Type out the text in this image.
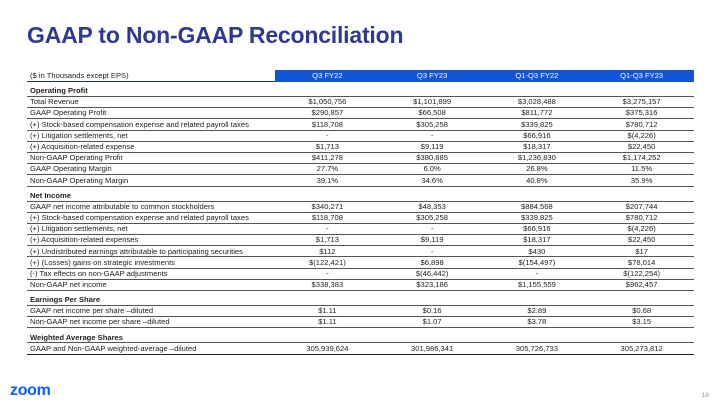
GAAP to Non-GAAP Reconciliation
($ in Thousands except EPS)	Q3 FY22	Q3 FY23	Q1-Q3 FY22	Q1-Q3 FY23
Operating Profit				
Total Revenue	$1,050,756	$1,101,899	$3,028,488	$3,275,157
GAAP Operating Profit	$290,857	$66,508	$811,772	$375,316
(+) Stock-based compensation expense and related payroll taxes	$118,708	$305,258	$339,825	$780,712
(+) Litigation settlements, net	-	-	$66,916	$(4,226)
(+) Acquisition-related expense	$1,713	$9,119	$18,317	$22,450
Non-GAAP Operating Profit	$411,278	$380,885	$1,236,830	$1,174,252
GAAP Operating Margin	27.7%	6.0%	26.8%	11.5%
Non-GAAP Operating Margin	39.1%	34.6%	40.8%	35.9%
Net Income				
GAAP net income attributable to common stockholders	$340,271	$48,353	$884,568	$207,744
(+) Stock-based compensation expense and related payroll taxes	$118,708	$305,258	$339,825	$780,712
(+) Litigation settlements, net	-	-	$66,916	$(4,226)
(+) Acquisition-related expenses	$1,713	$9,119	$18,317	$22,450
(+) Undistributed earnings attributable to participating securities	$112	-	$430	$17
(+) (Losses) gains on strategic investments	$(122,421)	$6,898	$(154,497)	$78,014
(-) Tax effects on non-GAAP adjustments	-	$(46,442)	-	$(122,254)
Non-GAAP net income	$338,383	$323,186	$1,155,559	$962,457
Earnings Per Share				
GAAP net income per share –diluted	$1.11	$0.16	$2.89	$0.68
Non-GAAP net income per share –diluted	$1.11	$1.07	$3.78	$3.15
Weighted Average Shares				
GAAP and Non-GAAP weighted-average –diluted	305,939,624	301,986,341	305,726,733	305,273,812
zoom	18
